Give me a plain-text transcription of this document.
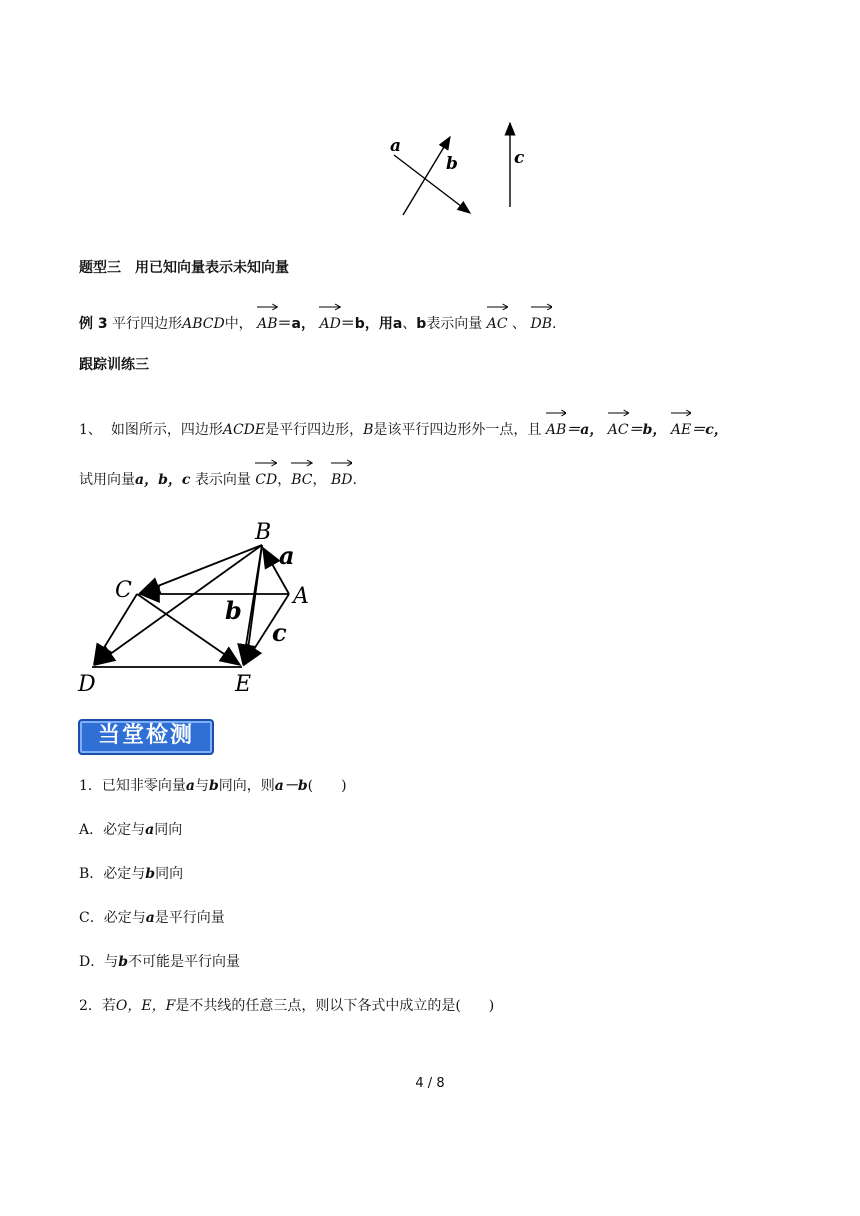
a
b	c
题型三　用已知向量表示未知向量
例 3 平行四边形ABCD中， AB＝a， AD＝b，用a、b表示向量 AC 、 DB.
跟踪训练三
1、 如图所示，四边形ACDE是平行四边形，B是该平行四边形外一点，且 AB＝a， AC＝b， AE＝c，
试用向量a，b，c 表示向量 CD，
BC， BD.
B
A
C
D	E
a
b
c
当堂检测
1．已知非零向量a与b同向，则a－b(　　)
A．必定与a同向
B．必定与b同向
C．必定与a是平行向量
D．与b不可能是平行向量
2．若O，E，F是不共线的任意三点，则以下各式中成立的是(　　)
4 / 8
